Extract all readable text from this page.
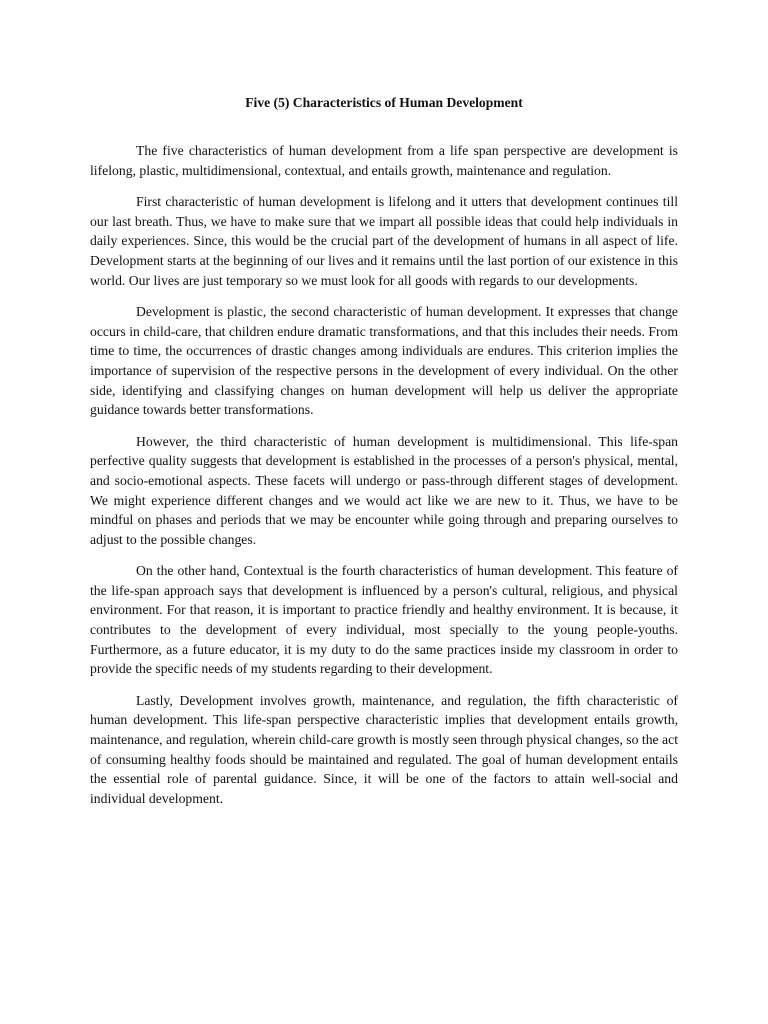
Five (5) Characteristics of Human Development

The five characteristics of human development from a life span perspective are development is lifelong, plastic, multidimensional, contextual, and entails growth, maintenance and regulation.

First characteristic of human development is lifelong and it utters that development continues till our last breath. Thus, we have to make sure that we impart all possible ideas that could help individuals in daily experiences. Since, this would be the crucial part of the development of humans in all aspect of life. Development starts at the beginning of our lives and it remains until the last portion of our existence in this world. Our lives are just temporary so we must look for all goods with regards to our developments.

Development is plastic, the second characteristic of human development. It expresses that change occurs in child-care, that children endure dramatic transformations, and that this includes their needs. From time to time, the occurrences of drastic changes among individuals are endures. This criterion implies the importance of supervision of the respective persons in the development of every individual. On the other side, identifying and classifying changes on human development will help us deliver the appropriate guidance towards better transformations.

However, the third characteristic of human development is multidimensional. This life-span perfective quality suggests that development is established in the processes of a person's physical, mental, and socio-emotional aspects. These facets will undergo or pass-through different stages of development. We might experience different changes and we would act like we are new to it. Thus, we have to be mindful on phases and periods that we may be encounter while going through and preparing ourselves to adjust to the possible changes.

On the other hand, Contextual is the fourth characteristics of human development. This feature of the life-span approach says that development is influenced by a person's cultural, religious, and physical environment. For that reason, it is important to practice friendly and healthy environment. It is because, it contributes to the development of every individual, most specially to the young people-youths. Furthermore, as a future educator, it is my duty to do the same practices inside my classroom in order to provide the specific needs of my students regarding to their development.

Lastly, Development involves growth, maintenance, and regulation, the fifth characteristic of human development. This life-span perspective characteristic implies that development entails growth, maintenance, and regulation, wherein child-care growth is mostly seen through physical changes, so the act of consuming healthy foods should be maintained and regulated. The goal of human development entails the essential role of parental guidance. Since, it will be one of the factors to attain well-social and individual development.
